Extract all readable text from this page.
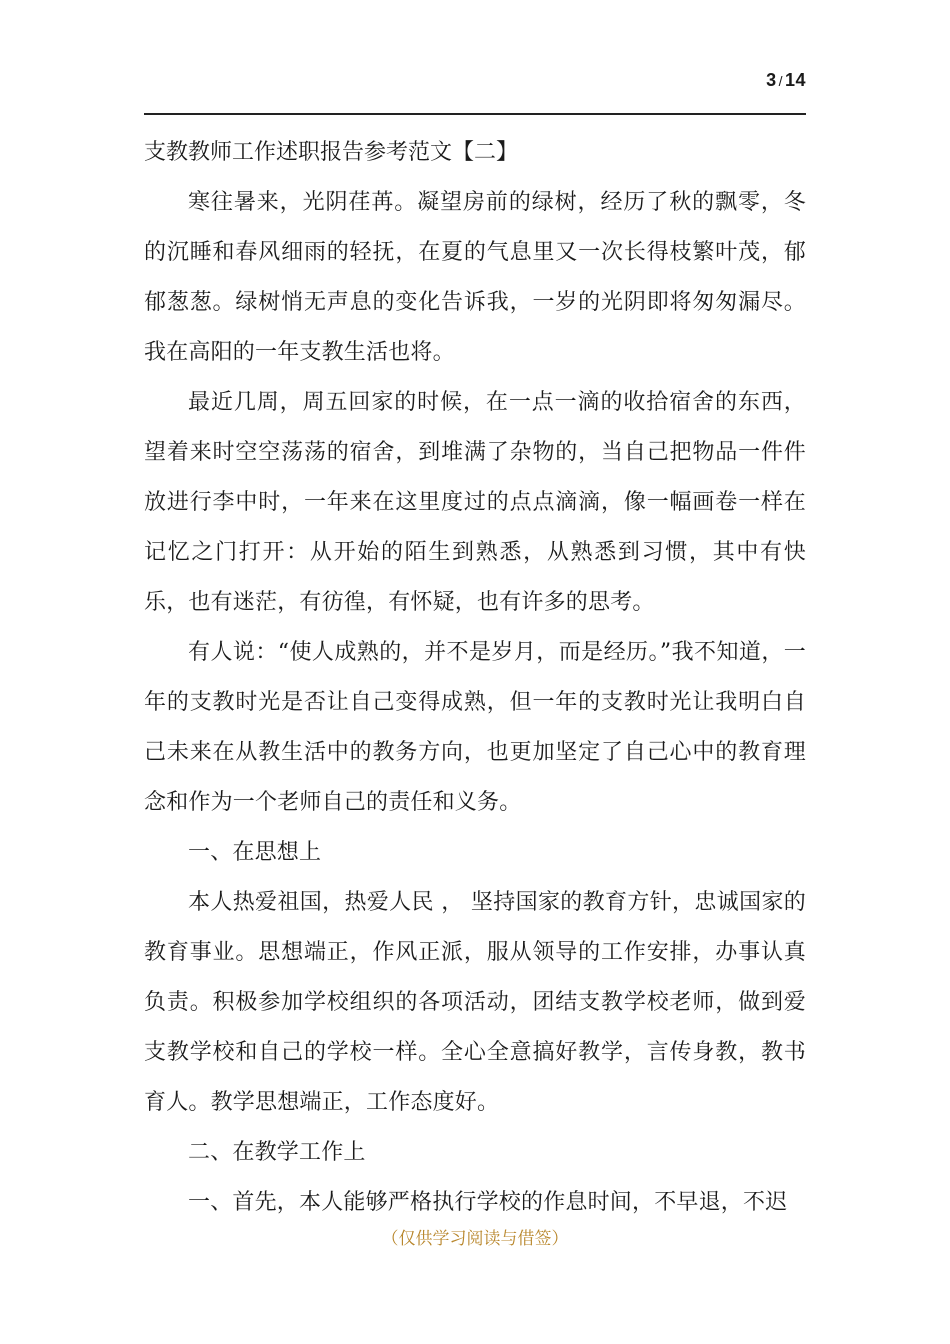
3 / 14

支教教师工作述职报告参考范文【二】

寒往暑来，光阴荏苒。凝望房前的绿树，经历了秋的飘零，冬的沉睡和春风细雨的轻抚，在夏的气息里又一次长得枝繁叶茂，郁郁葱葱。绿树悄无声息的变化告诉我，一岁的光阴即将匆匆漏尽。我在高阳的一年支教生活也将。

最近几周，周五回家的时候，在一点一滴的收拾宿舍的东西，望着来时空空荡荡的宿舍，到堆满了杂物的，当自己把物品一件件放进行李中时，一年来在这里度过的点点滴滴，像一幅画卷一样在记忆之门打开：从开始的陌生到熟悉，从熟悉到习惯，其中有快乐，也有迷茫，有彷徨，有怀疑，也有许多的思考。

有人说：“使人成熟的，并不是岁月，而是经历。”我不知道，一年的支教时光是否让自己变得成熟，但一年的支教时光让我明白自己未来在从教生活中的教务方向，也更加坚定了自己心中的教育理念和作为一个老师自己的责任和义务。

一、在思想上

本人热爱祖国，热爱人民 ， 坚持国家的教育方针，忠诚国家的教育事业。思想端正，作风正派，服从领导的工作安排，办事认真负责。积极参加学校组织的各项活动，团结支教学校老师，做到爱支教学校和自己的学校一样。全心全意搞好教学，言传身教，教书育人。教学思想端正，工作态度好。

二、在教学工作上

一、首先，本人能够严格执行学校的作息时间，不早退，不迟

（仅供学习阅读与借签）
